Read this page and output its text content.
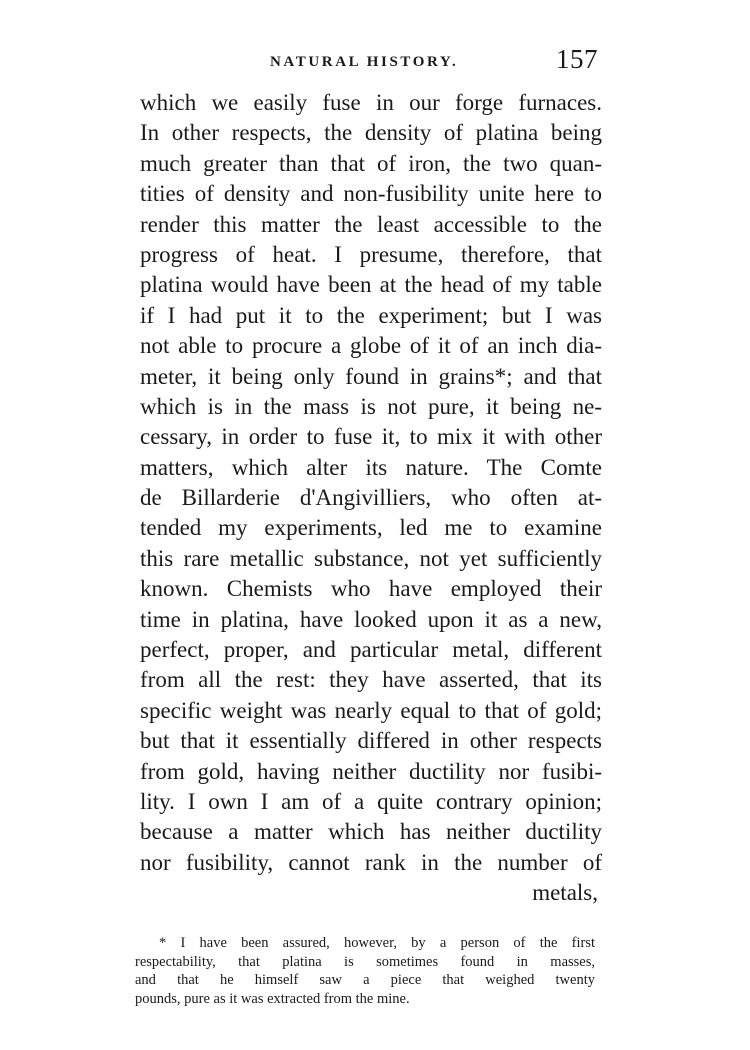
NATURAL HISTORY.	157
which we easily fuse in our forge furnaces.
In other respects, the density of platina being
much greater than that of iron, the two quan-
tities of density and non-fusibility unite here to
render this matter the least accessible to the
progress of heat. I presume, therefore, that
platina would have been at the head of my table
if I had put it to the experiment; but I was
not able to procure a globe of it of an inch dia-
meter, it being only found in grains*; and that
which is in the mass is not pure, it being ne-
cessary, in order to fuse it, to mix it with other
matters, which alter its nature. The Comte
de Billarderie d'Angivilliers, who often at-
tended my experiments, led me to examine
this rare metallic substance, not yet sufficiently
known. Chemists who have employed their
time in platina, have looked upon it as a new,
perfect, proper, and particular metal, different
from all the rest: they have asserted, that its
specific weight was nearly equal to that of gold;
but that it essentially differed in other respects
from gold, having neither ductility nor fusibi-
lity. I own I am of a quite contrary opinion;
because a matter which has neither ductility
nor fusibility, cannot rank in the number of
metals,
* I have been assured, however, by a person of the first
respectability, that platina is sometimes found in masses,
and that he himself saw a piece that weighed twenty
pounds, pure as it was extracted from the mine.
